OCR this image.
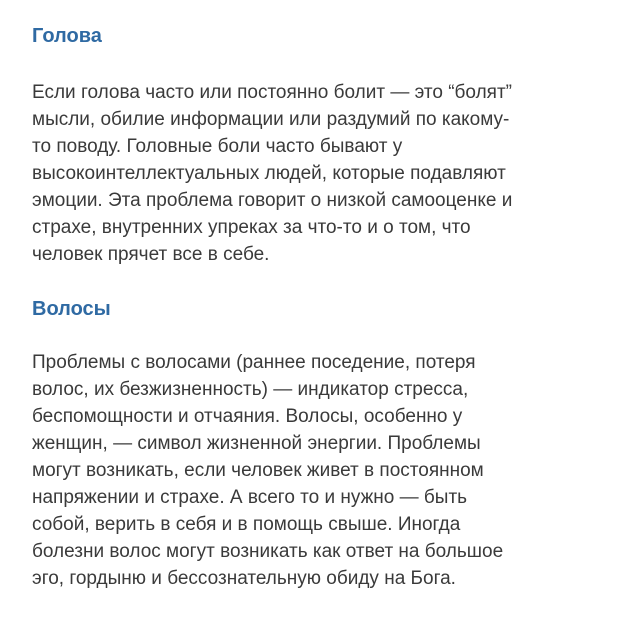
Голова

Если голова часто или постоянно болит — это “болят”
мысли, обилие информации или раздумий по какому-
то поводу. Головные боли часто бывают у
высокоинтеллектуальных людей, которые подавляют
эмоции. Эта проблема говорит о низкой самооценке и
страхе, внутренних упреках за что-то и о том, что
человек прячет все в себе.

Волосы

Проблемы с волосами (раннее поседение, потеря
волос, их безжизненность) — индикатор стресса,
беспомощности и отчаяния. Волосы, особенно у
женщин, — символ жизненной энергии. Проблемы
могут возникать, если человек живет в постоянном
напряжении и страхе. А всего то и нужно — быть
собой, верить в себя и в помощь свыше. Иногда
болезни волос могут возникать как ответ на большое
эго, гордыню и бессознательную обиду на Бога.
